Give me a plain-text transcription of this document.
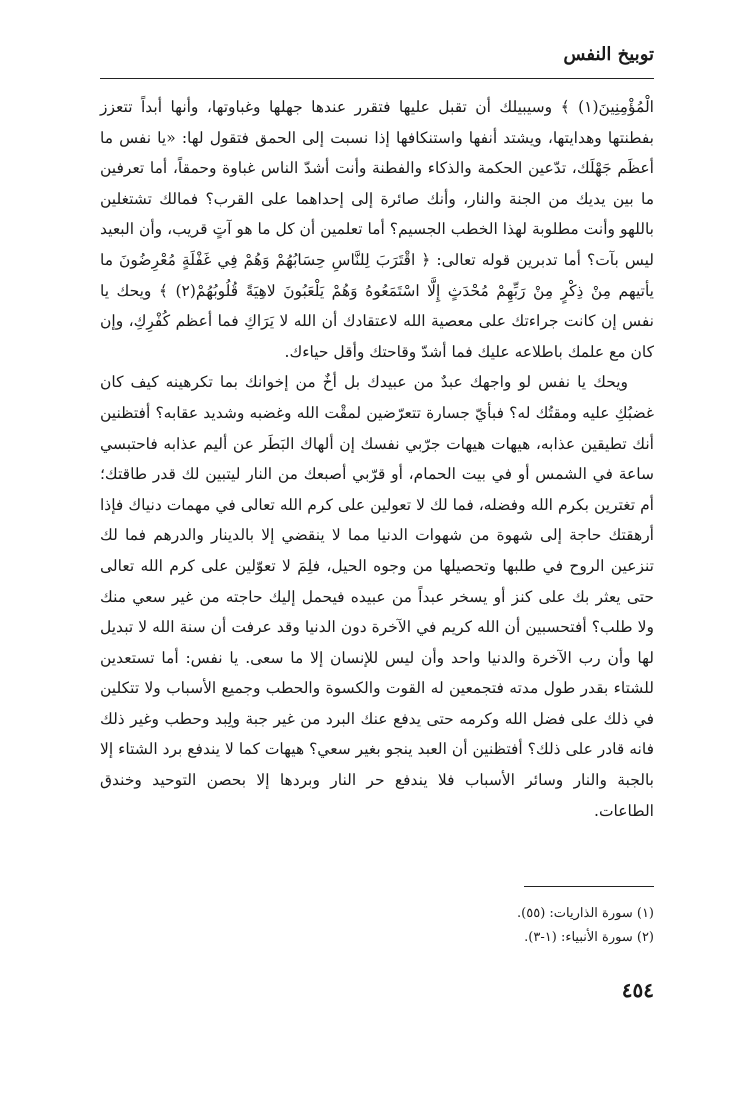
توبيخ النفس

الْمُؤْمِنِينَ(١) ﴾ وسيبيلك أن تقبل عليها فتقرر عندها جهلها وغباوتها، وأنها أبداً تتعزز بفطنتها وهدايتها، ويشتد أنفها واستنكافها إذا نسبت إلى الحمق فتقول لها: «يا نفس ما أعظَم جَهْلَك، تدّعين الحكمة والذكاء والفطنة وأنت أشدّ الناس غباوة وحمقاً، أما تعرفين ما بين يديك من الجنة والنار، وأنك صائرة إلى إحداهما على القرب؟ فمالك تشتغلين باللهو وأنت مطلوبة لهذا الخطب الجسيم؟ أما تعلمين أن كل ما هو آتٍ قريب، وأن البعيد ليس بآت؟ أما تدبرين قوله تعالى: ﴿ اقْتَرَبَ لِلنَّاسِ حِسَابُهُمْ وَهُمْ فِي غَفْلَةٍ مُعْرِضُونَ ما يأتيهم مِنْ ذِكْرٍ مِنْ رَبِّهِمْ مُحْدَثٍ إِلَّا اسْتَمَعُوهُ وَهُمْ يَلْعَبُونَ لاهِيَةً قُلُوبُهُمْ(٢) ﴾ ويحك يا نفس إن كانت جراءتك على معصية الله لاعتقادك أن الله لا يَرَاكِ فما أعظم كُفْرِكِ، وإن كان مع علمك باطلاعه عليك فما أشدّ وقاحتك وأقل حياءك.

ويحك يا نفس لو واجهك عبدٌ من عبيدك بل أخٌ من إخوانك بما تكرهينه كيف كان غضبُكِ عليه ومقتُك له؟ فبأيّ جسارة تتعرّضين لمقْت الله وغضبه وشديد عقابه؟ أفتظنين أنك تطيقين عذابه، هيهات هيهات جرّبي نفسك إن ألهاك البَطَر عن أليم عذابه فاحتبسي ساعة في الشمس أو في بيت الحمام، أو قرّبي أصبعك من النار ليتبين لك قدر طاقتك؛ أم تغترين بكرم الله وفضله، فما لك لا تعولين على كرم الله تعالى في مهمات دنياك فإذا أرهقتك حاجة إلى شهوة من شهوات الدنيا مما لا ينقضي إلا بالدينار والدرهم فما لك تنزعين الروح في طلبها وتحصيلها من وجوه الحيل، فلِمَ لا تعوّلين على كرم الله تعالى حتى يعثر بك على كنز أو يسخر عبداً من عبيده فيحمل إليك حاجته من غير سعي منك ولا طلب؟ أفتحسبين أن الله كريم في الآخرة دون الدنيا وقد عرفت أن سنة الله لا تبديل لها وأن رب الآخرة والدنيا واحد وأن ليس للإنسان إلا ما سعى. يا نفس: أما تستعدين للشتاء بقدر طول مدته فتجمعين له القوت والكسوة والحطب وجميع الأسباب ولا تتكلين في ذلك على فضل الله وكرمه حتى يدفع عنك البرد من غير جبة ولِبد وحطب وغير ذلك فانه قادر على ذلك؟ أفتظنين أن العبد ينجو بغير سعي؟ هيهات كما لا يندفع برد الشتاء إلا بالجبة والنار وسائر الأسباب فلا يندفع حر النار وبردها إلا بحصن التوحيد وخندق الطاعات.

(١) سورة الذاريات: (٥٥).
(٢) سورة الأنبياء: (١-٣).
٤٥٤
